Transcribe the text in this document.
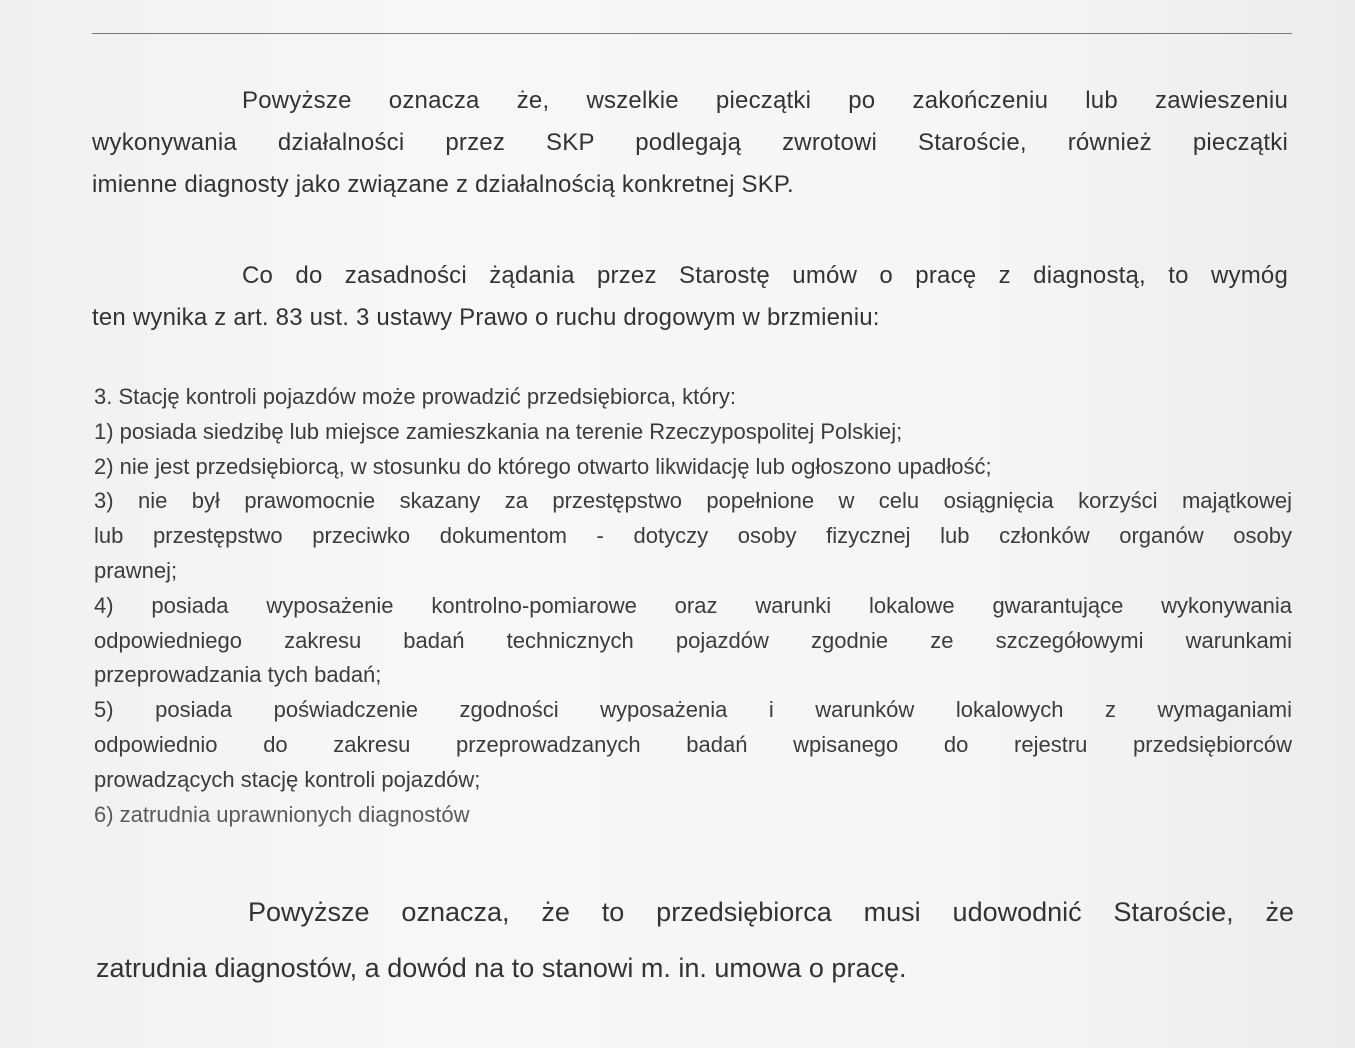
Powyższe oznacza że, wszelkie pieczątki po zakończeniu lub zawieszeniu
wykonywania działalności przez SKP podlegają zwrotowi Staroście, również pieczątki
imienne diagnosty jako związane z działalnością konkretnej SKP.
Co do zasadności żądania przez Starostę umów o pracę z diagnostą, to wymóg
ten wynika z art. 83 ust. 3 ustawy Prawo o ruchu drogowym w brzmieniu:
3. Stację kontroli pojazdów może prowadzić przedsiębiorca, który:
1) posiada siedzibę lub miejsce zamieszkania na terenie Rzeczypospolitej Polskiej;
2) nie jest przedsiębiorcą, w stosunku do którego otwarto likwidację lub ogłoszono upadłość;
3) nie był prawomocnie skazany za przestępstwo popełnione w celu osiągnięcia korzyści majątkowej
lub przestępstwo przeciwko dokumentom - dotyczy osoby fizycznej lub członków organów osoby
prawnej;
4) posiada wyposażenie kontrolno-pomiarowe oraz warunki lokalowe gwarantujące wykonywania
odpowiedniego zakresu badań technicznych pojazdów zgodnie ze szczegółowymi warunkami
przeprowadzania tych badań;
5) posiada poświadczenie zgodności wyposażenia i warunków lokalowych z wymaganiami
odpowiednio do zakresu przeprowadzanych badań wpisanego do rejestru przedsiębiorców
prowadzących stację kontroli pojazdów;
6) zatrudnia uprawnionych diagnostów
Powyższe oznacza, że to przedsiębiorca musi udowodnić Staroście, że
zatrudnia diagnostów, a dowód na to stanowi m. in. umowa o pracę.
